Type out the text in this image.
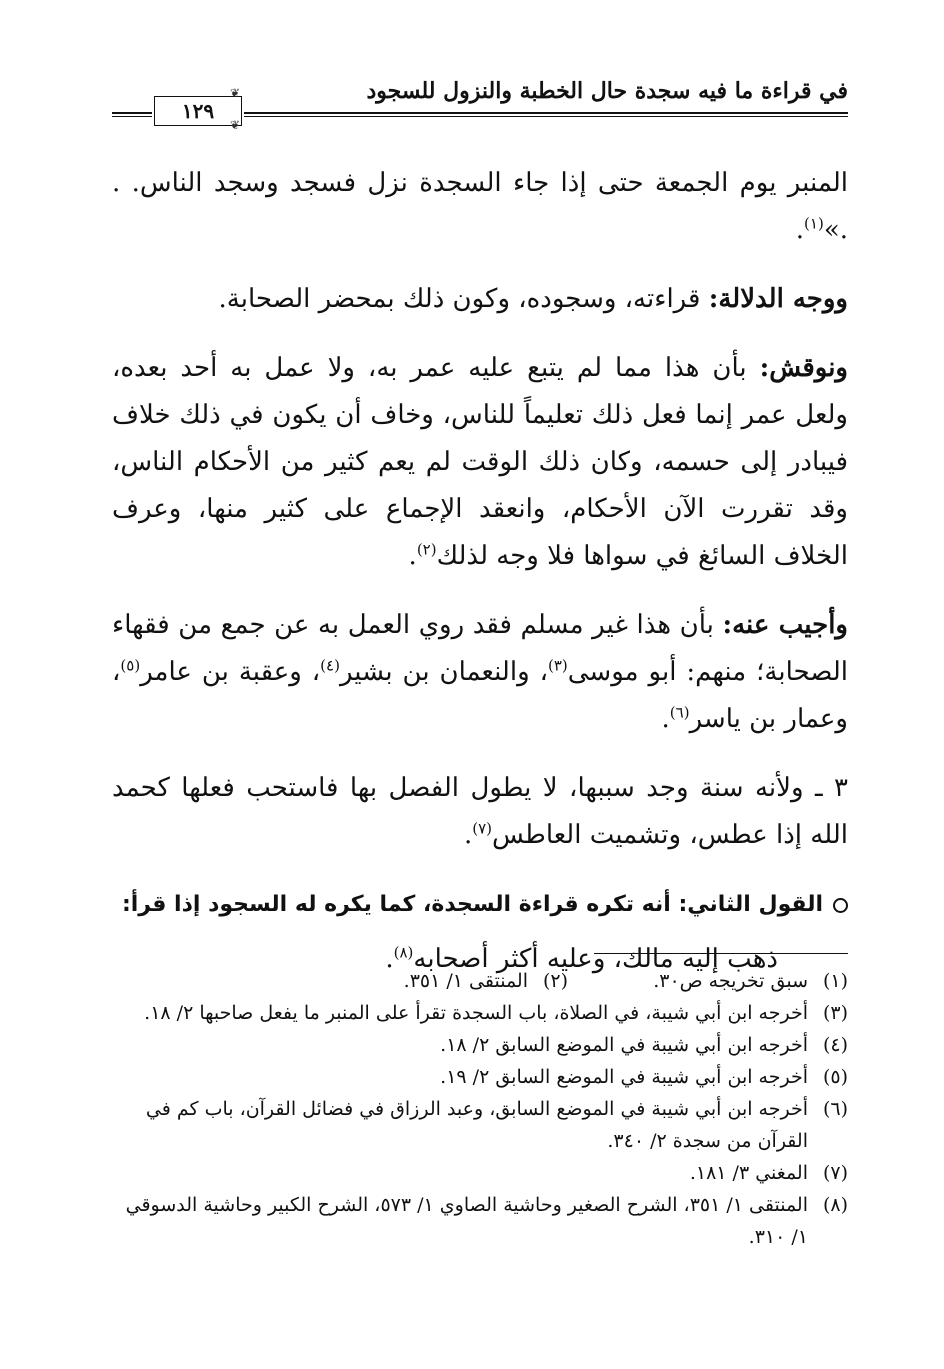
في قراءة ما فيه سجدة حال الخطبة والنزول للسجود
١٢٩
❦
❦

المنبر يوم الجمعة حتى إذا جاء السجدة نزل فسجد وسجد الناس. . .»$^{(١)}$.

ووجه الدلالة: قراءته، وسجوده، وكون ذلك بمحضر الصحابة.

ونوقش: بأن هذا مما لم يتبع عليه عمر به، ولا عمل به أحد بعده، ولعل عمر إنما فعل ذلك تعليماً للناس، وخاف أن يكون في ذلك خلاف فيبادر إلى حسمه، وكان ذلك الوقت لم يعم كثير من الأحكام الناس، وقد تقررت الآن الأحكام، وانعقد الإجماع على كثير منها، وعرف الخلاف السائغ في سواها فلا وجه لذلك$^{(٢)}$.

وأجيب عنه: بأن هذا غير مسلم فقد روي العمل به عن جمع من فقهاء الصحابة؛ منهم: أبو موسى$^{(٣)}$، والنعمان بن بشير$^{(٤)}$، وعقبة بن عامر$^{(٥)}$، وعمار بن ياسر$^{(٦)}$.

٣ ـ ولأنه سنة وجد سببها، لا يطول الفصل بها فاستحب فعلها كحمد الله إذا عطس، وتشميت العاطس$^{(٧)}$.

القول الثاني: أنه تكره قراءة السجدة، كما يكره له السجود إذا قرأ:

ذهب إليه مالك، وعليه أكثر أصحابه$^{(٨)}$.

(١)
سبق تخريجه ص٣٠.
(٢)
المنتقى ١/ ٣٥١.
(٣)
أخرجه ابن أبي شيبة، في الصلاة، باب السجدة تقرأ على المنبر ما يفعل صاحبها ٢/ ١٨.
(٤)
أخرجه ابن أبي شيبة في الموضع السابق ٢/ ١٨.
(٥)
أخرجه ابن أبي شيبة في الموضع السابق ٢/ ١٩.
(٦)
أخرجه ابن أبي شيبة في الموضع السابق، وعبد الرزاق في فضائل القرآن، باب كم في القرآن من سجدة ٢/ ٣٤٠.
(٧)
المغني ٣/ ١٨١.
(٨)
المنتقى ١/ ٣٥١، الشرح الصغير وحاشية الصاوي ١/ ٥٧٣، الشرح الكبير وحاشية الدسوقي ١/ ٣١٠.
